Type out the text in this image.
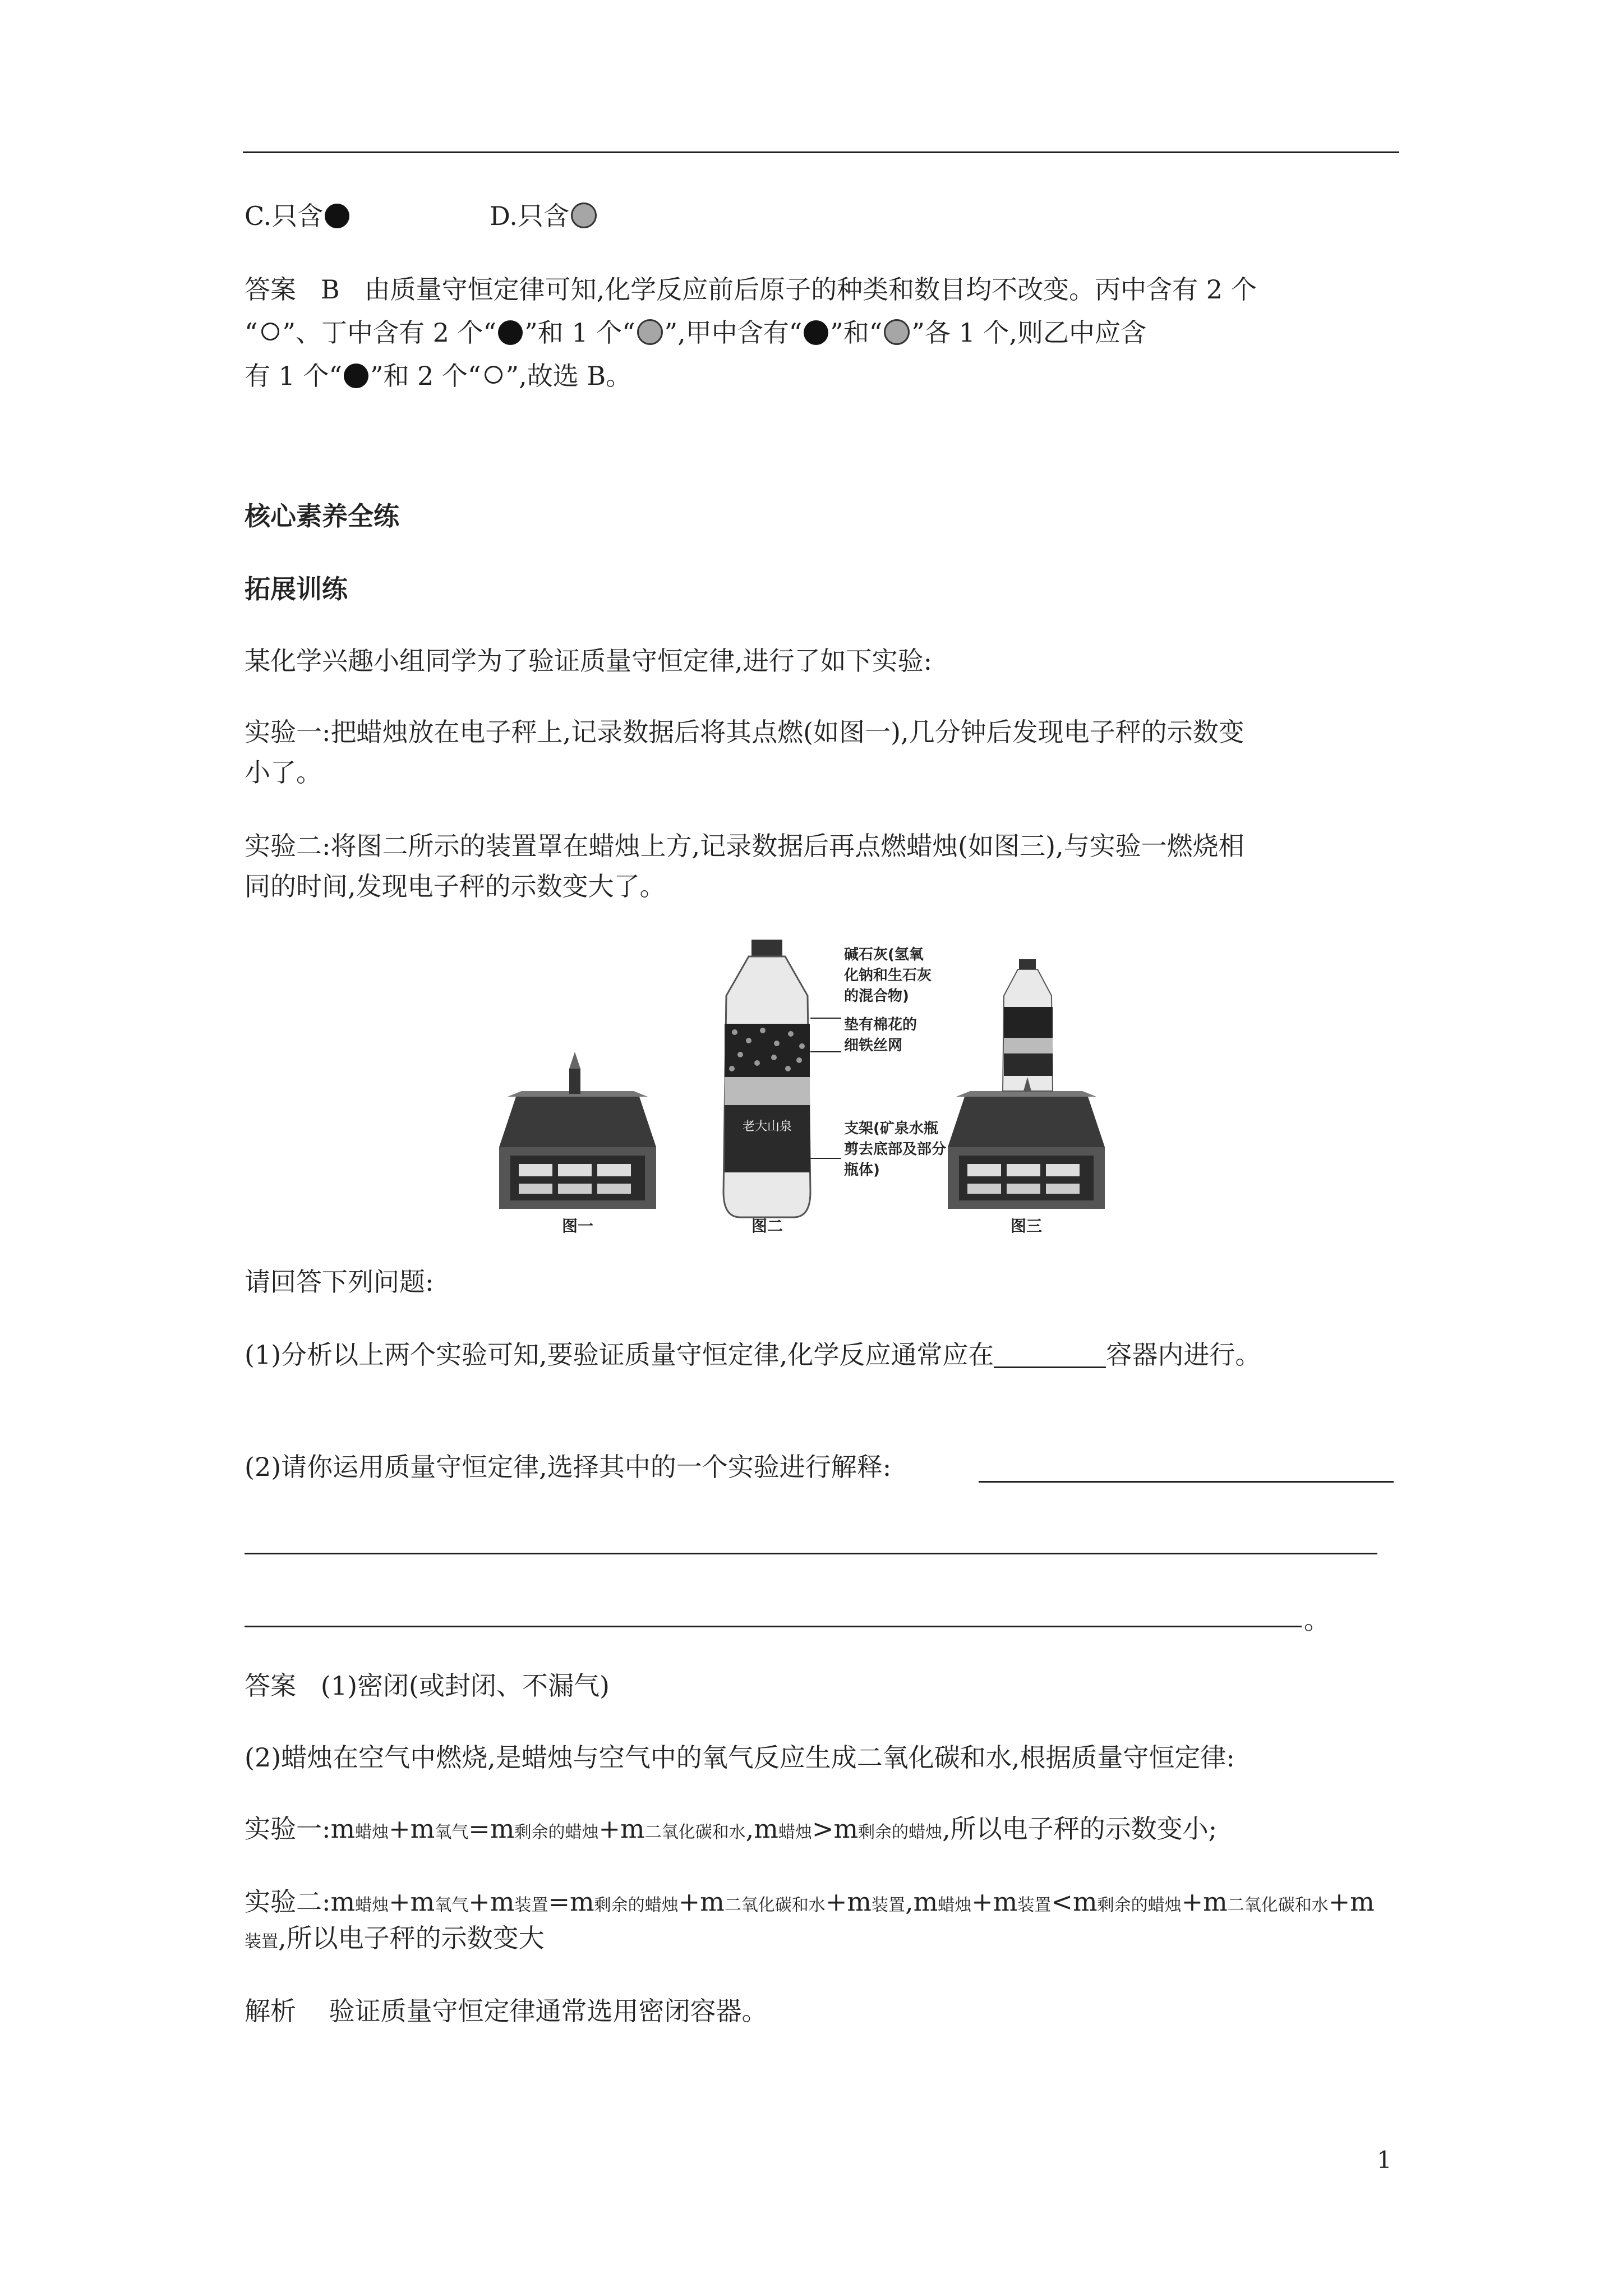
C.只含	D.只含
答案 B 由质量守恒定律可知,化学反应前后原子的种类和数目均不改变。丙中含有 2 个
“ ”、丁中含有 2 个“ ”和 1 个“ ”,甲中含有“ ”和“ ”各 1 个,则乙中应含
有 1 个“ ”和 2 个“ ”,故选 B。
核心素养全练
拓展训练
某化学兴趣小组同学为了验证质量守恒定律,进行了如下实验:
实验一:把蜡烛放在电子秤上,记录数据后将其点燃(如图一),几分钟后发现电子秤的示数变
小了。
实验二:将图二所示的装置罩在蜡烛上方,记录数据后再点燃蜡烛(如图三),与实验一燃烧相
同的时间,发现电子秤的示数变大了。
老大山泉
碱石灰(氢氧
化钠和生石灰
的混合物)
垫有棉花的
细铁丝网
支架(矿泉水瓶
剪去底部及部分
瓶体)
图一	图二	图三
请回答下列问题:
(1)分析以上两个实验可知,要验证质量守恒定律,化学反应通常应在	容器内进行。
(2)请你运用质量守恒定律,选择其中的一个实验进行解释:
。
答案 (1)密闭(或封闭、不漏气)
(2)蜡烛在空气中燃烧,是蜡烛与空气中的氧气反应生成二氧化碳和水,根据质量守恒定律:
实验一:m蜡烛+m氧气=m剩余的蜡烛+m二氧化碳和水,m蜡烛>m剩余的蜡烛,所以电子秤的示数变小;
实验二:m蜡烛+m氧气+m装置=m剩余的蜡烛+m二氧化碳和水+m装置,m蜡烛+m装置<m剩余的蜡烛+m二氧化碳和水+m
装置,所以电子秤的示数变大
解析 验证质量守恒定律通常选用密闭容器。
1
